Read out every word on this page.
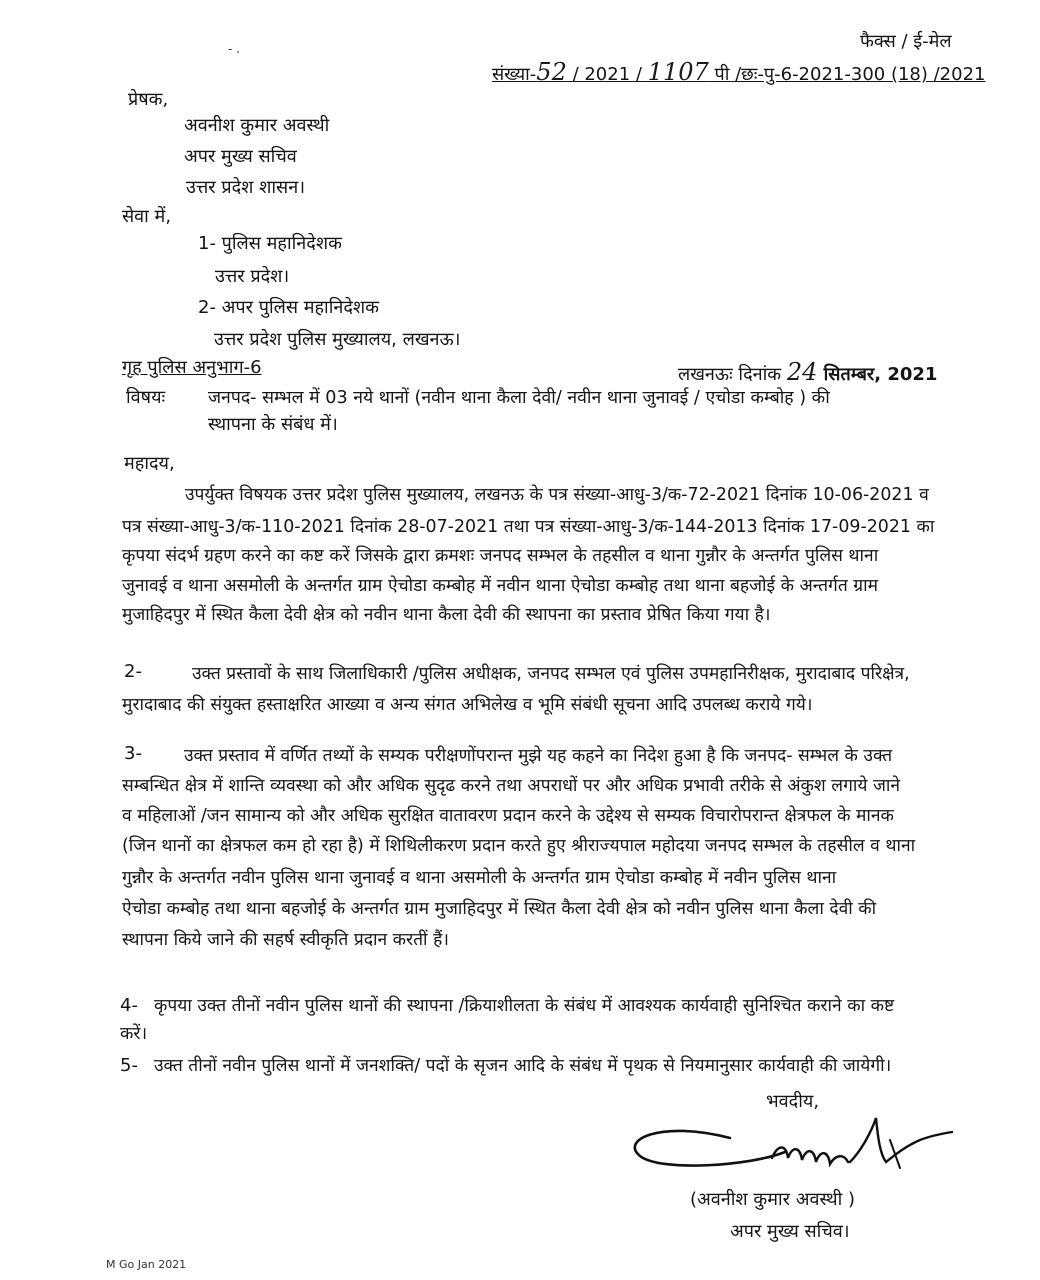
फैक्स / ई-मेल
- .
संख्या-52 / 2021 / 1107 पी /छः-पु-6-2021-300 (18) /2021
प्रेषक,
अवनीश कुमार अवस्थी
अपर मुख्य सचिव
उत्तर प्रदेश शासन।
सेवा में,
1- पुलिस महानिदेशक
उत्तर प्रदेश।
2- अपर पुलिस महानिदेशक
उत्तर प्रदेश पुलिस मुख्यालय, लखनऊ।
गृह पुलिस अनुभाग-6	लखनऊः दिनांक 24 सितम्बर, 2021
विषयः जनपद- सम्भल में 03 नये थानों (नवीन थाना कैला देवी/ नवीन थाना जुनावई / एचोडा कम्बोह ) की
स्थापना के संबंध में।
महादय,
उपर्युक्त विषयक उत्तर प्रदेश पुलिस मुख्यालय, लखनऊ के पत्र संख्या-आधु-3/क-72-2021 दिनांक 10-06-2021 व
पत्र संख्या-आधु-3/क-110-2021 दिनांक 28-07-2021 तथा पत्र संख्या-आधु-3/क-144-2013 दिनांक 17-09-2021 का
कृपया संदर्भ ग्रहण करने का कष्ट करें जिसके द्वारा क्रमशः जनपद सम्भल के तहसील व थाना गुन्नौर के अन्तर्गत पुलिस थाना
जुनावई व थाना असमोली के अन्तर्गत ग्राम ऐचोडा कम्बोह में नवीन थाना ऐचोडा कम्बोह तथा थाना बहजोई के अन्तर्गत ग्राम
मुजाहिदपुर में स्थित कैला देवी क्षेत्र को नवीन थाना कैला देवी की स्थापना का प्रस्ताव प्रेषित किया गया है।
2-	उक्त प्रस्तावों के साथ जिलाधिकारी /पुलिस अधीक्षक, जनपद सम्भल एवं पुलिस उपमहानिरीक्षक, मुरादाबाद परिक्षेत्र,
मुरादाबाद की संयुक्त हस्ताक्षरित आख्या व अन्य संगत अभिलेख व भूमि संबंधी सूचना आदि उपलब्ध कराये गये।
3- उक्त प्रस्ताव में वर्णित तथ्यों के सम्यक परीक्षणोंपरान्त मुझे यह कहने का निदेश हुआ है कि जनपद- सम्भल के उक्त
सम्बन्धित क्षेत्र में शान्ति व्यवस्था को और अधिक सुदृढ करने तथा अपराधों पर और अधिक प्रभावी तरीके से अंकुश लगाये जाने
व महिलाओं /जन सामान्य को और अधिक सुरक्षित वातावरण प्रदान करने के उद्देश्य से सम्यक विचारोपरान्त क्षेत्रफल के मानक
(जिन थानों का क्षेत्रफल कम हो रहा है) में शिथिलीकरण प्रदान करते हुए श्रीराज्यपाल महोदया जनपद सम्भल के तहसील व थाना
गुन्नौर के अन्तर्गत नवीन पुलिस थाना जुनावई व थाना असमोली के अन्तर्गत ग्राम ऐचोडा कम्बोह में नवीन पुलिस थाना
ऐचोडा कम्बोह तथा थाना बहजोई के अन्तर्गत ग्राम मुजाहिदपुर में स्थित कैला देवी क्षेत्र को नवीन पुलिस थाना कैला देवी की
स्थापना किये जाने की सहर्ष स्वीकृति प्रदान करतीं हैं।
4- कृपया उक्त तीनों नवीन पुलिस थानों की स्थापना /क्रियाशीलता के संबंध में आवश्यक कार्यवाही सुनिश्चित कराने का कष्ट
करें।
5- उक्त तीनों नवीन पुलिस थानों में जनशक्ति/ पदों के सृजन आदि के संबंध में पृथक से नियमानुसार कार्यवाही की जायेगी।
भवदीय,
(अवनीश कुमार अवस्थी )
अपर मुख्य सचिव।
M Go Jan 2021
